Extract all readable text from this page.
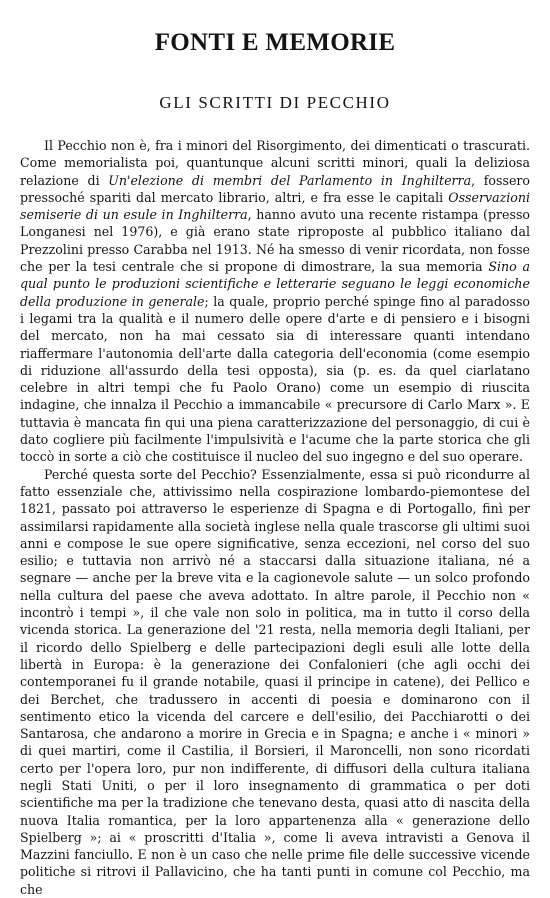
FONTI E MEMORIE
GLI SCRITTI DI PECCHIO

Il Pecchio non è, fra i minori del Risorgimento, dei dimenticati o trascurati. Come memorialista poi, quantunque alcuni scritti minori, quali la deliziosa relazione di Un'elezione di membri del Parlamento in Inghilterra, fossero pressoché spariti dal mercato librario, altri, e fra esse le capitali Osservazioni semiserie di un esule in Inghilterra, hanno avuto una recente ristampa (presso Longanesi nel 1976), e già erano state riproposte al pubblico italiano dal Prezzolini presso Carabba nel 1913. Né ha smesso di venir ricordata, non fosse che per la tesi centrale che si propone di dimostrare, la sua memoria Sino a qual punto le produzioni scientifiche e letterarie seguano le leggi economiche della produzione in generale; la quale, proprio perché spinge fino al paradosso i legami tra la qualità e il numero delle opere d'arte e di pensiero e i bisogni del mercato, non ha mai cessato sia di interessare quanti intendano riaffermare l'autonomia dell'arte dalla categoria dell'economia (come esempio di riduzione all'assurdo della tesi opposta), sia (p. es. da quel ciarlatano celebre in altri tempi che fu Paolo Orano) come un esempio di riuscita indagine, che innalza il Pecchio a immancabile « precursore di Carlo Marx ». E tuttavia è mancata fin qui una piena caratterizzazione del personaggio, di cui è dato cogliere più facilmente l'impulsività e l'acume che la parte storica che gli toccò in sorte a ciò che costituisce il nucleo del suo ingegno e del suo operare.

Perché questa sorte del Pecchio? Essenzialmente, essa si può ricondurre al fatto essenziale che, attivissimo nella cospirazione lombardo-piemontese del 1821, passato poi attraverso le esperienze di Spagna e di Portogallo, finì per assimilarsi rapidamente alla società inglese nella quale trascorse gli ultimi suoi anni e compose le sue opere significative, senza eccezioni, nel corso del suo esilio; e tuttavia non arrivò né a staccarsi dalla situazione italiana, né a segnare — anche per la breve vita e la cagionevole salute — un solco profondo nella cultura del paese che aveva adottato. In altre parole, il Pecchio non « incontrò i tempi », il che vale non solo in politica, ma in tutto il corso della vicenda storica. La generazione del '21 resta, nella memoria degli Italiani, per il ricordo dello Spielberg e delle partecipazioni degli esuli alle lotte della libertà in Europa: è la generazione dei Confalonieri (che agli occhi dei contemporanei fu il grande notabile, quasi il principe in catene), dei Pellico e dei Berchet, che tradussero in accenti di poesia e dominarono con il sentimento etico la vicenda del carcere e dell'esilio, dei Pacchiarotti o dei Santarosa, che andarono a morire in Grecia e in Spagna; e anche i « minori » di quei martiri, come il Castilia, il Borsieri, il Maroncelli, non sono ricordati certo per l'opera loro, pur non indifferente, di diffusori della cultura italiana negli Stati Uniti, o per il loro insegnamento di grammatica o per doti scientifiche ma per la tradizione che tenevano desta, quasi atto di nascita della nuova Italia romantica, per la loro appartenenza alla « generazione dello Spielberg »; ai « proscritti d'Italia », come li aveva intravisti a Genova il Mazzini fanciullo. E non è un caso che nelle prime file delle successive vicende politiche si ritrovi il Pallavicino, che ha tanti punti in comune col Pecchio, ma che
